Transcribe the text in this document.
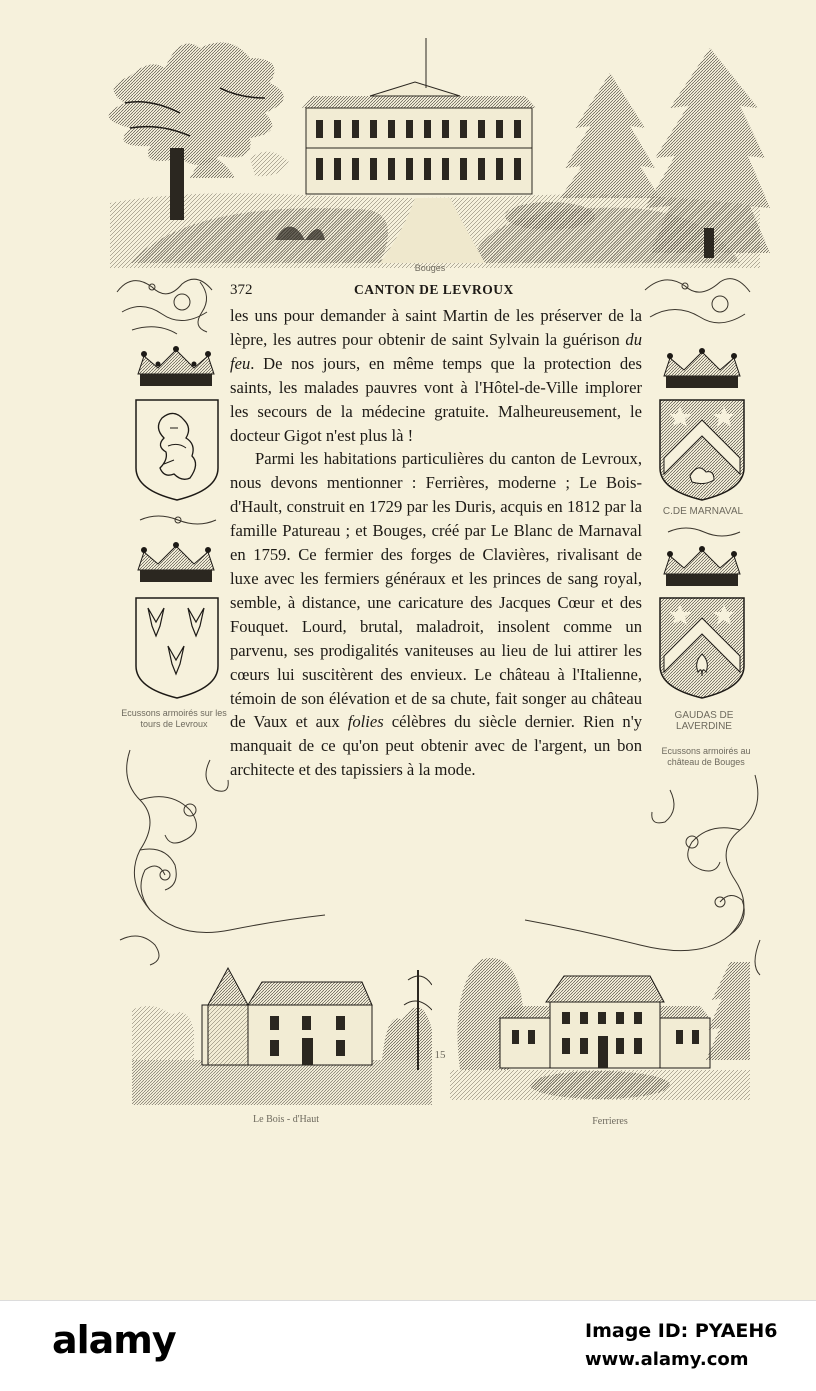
Bouges
372	CANTON DE LEVROUX
Ecussons armoirés sur les tours de Levroux
C.DE MARNAVAL
GAUDAS DE LAVERDINE
Ecussons armoirés au château de Bouges

les uns pour demander à saint Martin de les préserver de la lèpre, les autres pour obtenir de saint Sylvain la guérison du feu. De nos jours, en même temps que la protection des saints, les malades pauvres vont à l'Hôtel-de-Ville implorer les secours de la médecine gratuite. Malheureusement, le docteur Gigot n'est plus là !

Parmi les habitations particulières du canton de Levroux, nous devons mentionner : Ferrières, moderne ; Le Bois-d'Hault, construit en 1729 par les Duris, acquis en 1812 par la famille Patureau ; et Bouges, créé par Le Blanc de Marnaval en 1759. Ce fermier des forges de Clavières, rivalisant de luxe avec les fermiers généraux et les princes de sang royal, semble, à distance, une caricature des Jacques Cœur et des Fouquet. Lourd, brutal, maladroit, insolent comme un parvenu, ses prodigalités vaniteuses au lieu de lui attirer les cœurs lui suscitèrent des envieux. Le château à l'Italienne, témoin de son élévation et de sa chute, fait songer au château de Vaux et aux folies célèbres du siècle dernier. Rien n'y manquait de ce qu'on peut obtenir avec de l'argent, un bon architecte et des tapissiers à la mode.

15
Le Bois - d'Haut	Ferrieres
alamy	Image ID: PYAEH6
www.alamy.com
